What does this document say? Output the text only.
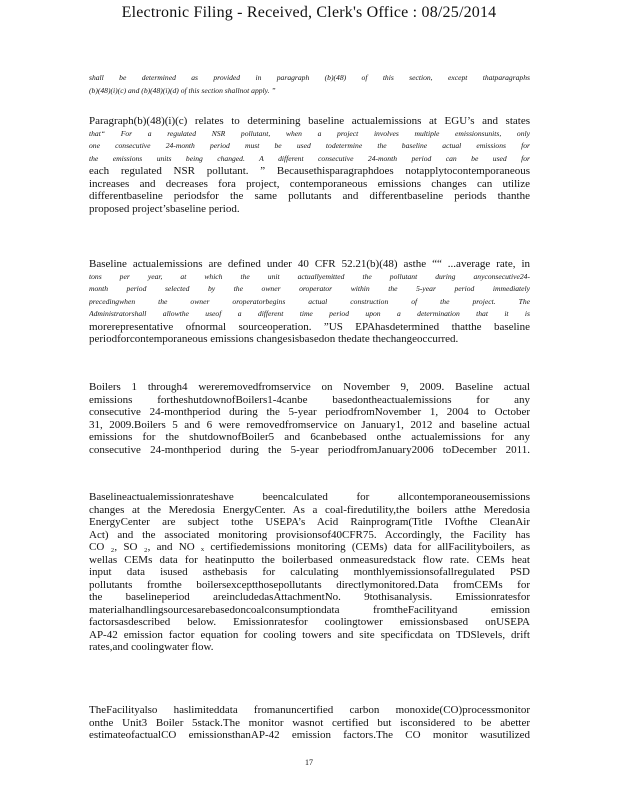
Electronic Filing - Received, Clerk's Office : 08/25/2014
shall be determined as provided in paragraph (b)(48) of this section, except thatparagraphs
(b)(48)(i)(c) and (b)(48)(i)(d) of this section shallnot apply. ”
Paragraph(b)(48)(i)(c) relates to determining baseline actualemissions at EGU’s and states
that“ For a regulated NSR pollutant, when a project involves multiple emissionsunits, only
one consecutive 24-month period must be used todetermine the baseline actual emissions for
the emissions units being changed. A different consecutive 24-month period can be used for
each regulated NSR pollutant. ” Becausethisparagraphdoes notapplytocontemporaneous
increases and decreases fora project, contemporaneous emissions changes can utilize
differentbaseline periodsfor the same pollutants and differentbaseline periods thanthe
proposed project’sbaseline period.
Baseline actualemissions are defined under 40 CFR 52.21(b)(48) asthe ““ ...average rate, in
tons per year, at which the unit actuallyemitted the pollutant during anyconsecutive24-
month period selected by the owner oroperator within the 5-year period immediately
precedingwhen the owner oroperatorbegins actual construction of the project. The
Administratorshall allowthe useof a different time period upon a determination that it is
morerepresentative ofnormal sourceoperation. ”US EPAhasdetermined thatthe baseline
periodforcontemporaneous emissions changesisbasedon thedate thechangeoccurred.
Boilers 1 through4 wereremovedfromservice on November 9, 2009. Baseline actual
emissions fortheshutdownofBoilers1-4canbe basedontheactualemissions for any
consecutive 24-monthperiod during the 5-year periodfromNovember 1, 2004 to October
31, 2009.Boilers 5 and 6 were removedfromservice on January1, 2012 and baseline actual
emissions for the shutdownofBoiler5 and 6canbebased onthe actualemissions for any
consecutive 24-monthperiod during the 5-year periodfromJanuary2006 toDecember 2011.
Baselineactualemissionrateshave beencalculated for allcontemporaneousemissions
changes at the Meredosia EnergyCenter. As a coal-firedutility,the boilers atthe Meredosia
EnergyCenter are subject tothe USEPA’s Acid Rainprogram(Title IVofthe CleanAir
Act) and the associated monitoring provisionsof40CFR75. Accordingly, the Facility has
CO ₂, SO ₂, and NO ₓ certifiedemissions monitoring (CEMs) data for allFacilityboilers, as
wellas CEMs data for heatinputto the boilerbased onmeasuredstack flow rate. CEMs heat
input data isused asthebasis for calculating monthlyemissionsofallregulated PSD
pollutants fromthe boilersexceptthosepollutants directlymonitored.Data fromCEMs for
the baselineperiod areincludedasAttachmentNo. 9tothisanalysis. Emissionratesfor
materialhandlingsourcesarebasedoncoalconsumptiondata fromtheFacilityand emission
factorsasdescribed below. Emissionratesfor coolingtower emissionsbased onUSEPA
AP-42 emission factor equation for cooling towers and site specificdata on TDSlevels, drift
rates,and coolingwater flow.
TheFacilityalso haslimiteddata fromanuncertified carbon monoxide(CO)processmonitor
onthe Unit3 Boiler 5stack.The monitor wasnot certified but isconsidered to be abetter
estimateofactualCO emissionsthanAP-42 emission factors.The CO monitor wasutilized
17
